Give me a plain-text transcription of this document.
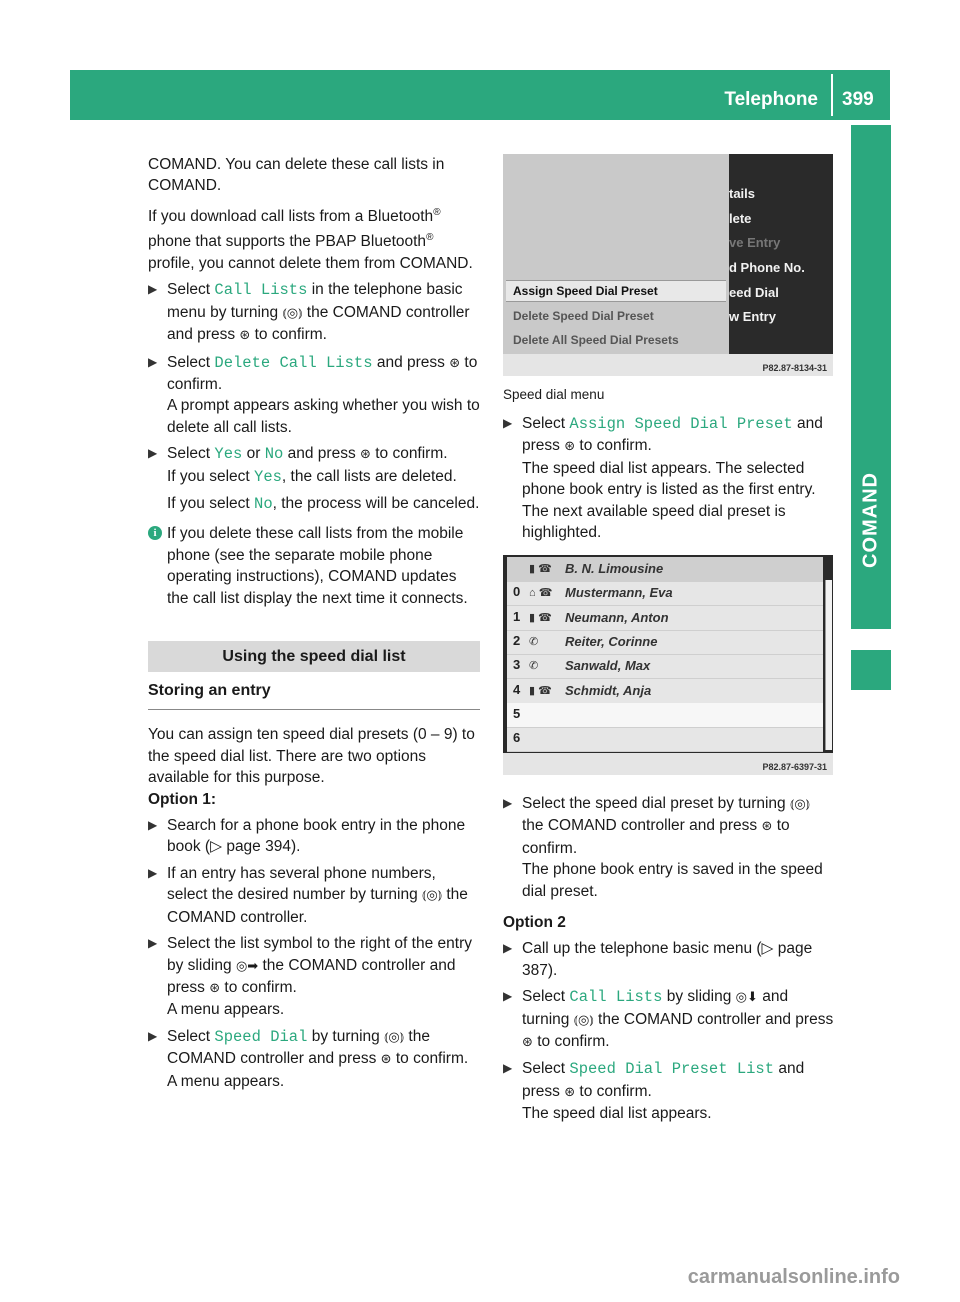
Telephone 399
COMAND

COMAND. You can delete these call lists in COMAND.

If you download call lists from a Bluetooth® phone that supports the PBAP Bluetooth® profile, you cannot delete them from COMAND.

▶ Select Call Lists in the telephone basic menu by turning ⦅◎⦆ the COMAND controller and press ⊛ to confirm.
▶ Select Delete Call Lists and press ⊛ to confirm.
A prompt appears asking whether you wish to delete all call lists.
▶ Select Yes or No and press ⊛ to confirm.
If you select Yes, the call lists are deleted.
If you select No, the process will be canceled.
i If you delete these call lists from the mobile phone (see the separate mobile phone operating instructions), COMAND updates the call list display the next time it connects.
Using the speed dial list
Storing an entry

You can assign ten speed dial presets (0 – 9) to the speed dial list. There are two options available for this purpose.

Option 1:

▶ Search for a phone book entry in the phone book (▷ page 394).
▶ If an entry has several phone numbers, select the desired number by turning ⦅◎⦆ the COMAND controller.
▶ Select the list symbol to the right of the entry by sliding ◎➡ the COMAND controller and press ⊛ to confirm.
A menu appears.
▶ Select Speed Dial by turning ⦅◎⦆ the COMAND controller and press ⊛ to confirm.
A menu appears.
Assign Speed Dial Preset
Delete Speed Dial Preset
Delete All Speed Dial Presets
tails
lete
ve Entry
d Phone No.
eed Dial
w Entry
P82.87-8134-31
Speed dial menu
▶ Select Assign Speed Dial Preset and press ⊛ to confirm.
The speed dial list appears. The selected phone book entry is listed as the first entry. The next available speed dial preset is highlighted.
▮ ☎ B. N. Limousine
0 ⌂ ☎ Mustermann, Eva
1 ▮ ☎ Neumann, Anton
2 ✆ Reiter, Corinne
3 ✆ Sanwald, Max
4 ▮ ☎ Schmidt, Anja
5
6
P82.87-6397-31
▶ Select the speed dial preset by turning ⦅◎⦆ the COMAND controller and press ⊛ to confirm.
The phone book entry is saved in the speed dial preset.

Option 2

▶ Call up the telephone basic menu (▷ page 387).
▶ Select Call Lists by sliding ◎⬇ and turning ⦅◎⦆ the COMAND controller and press ⊛ to confirm.
▶ Select Speed Dial Preset List and press ⊛ to confirm.
The speed dial list appears.
carmanualsonline.info
